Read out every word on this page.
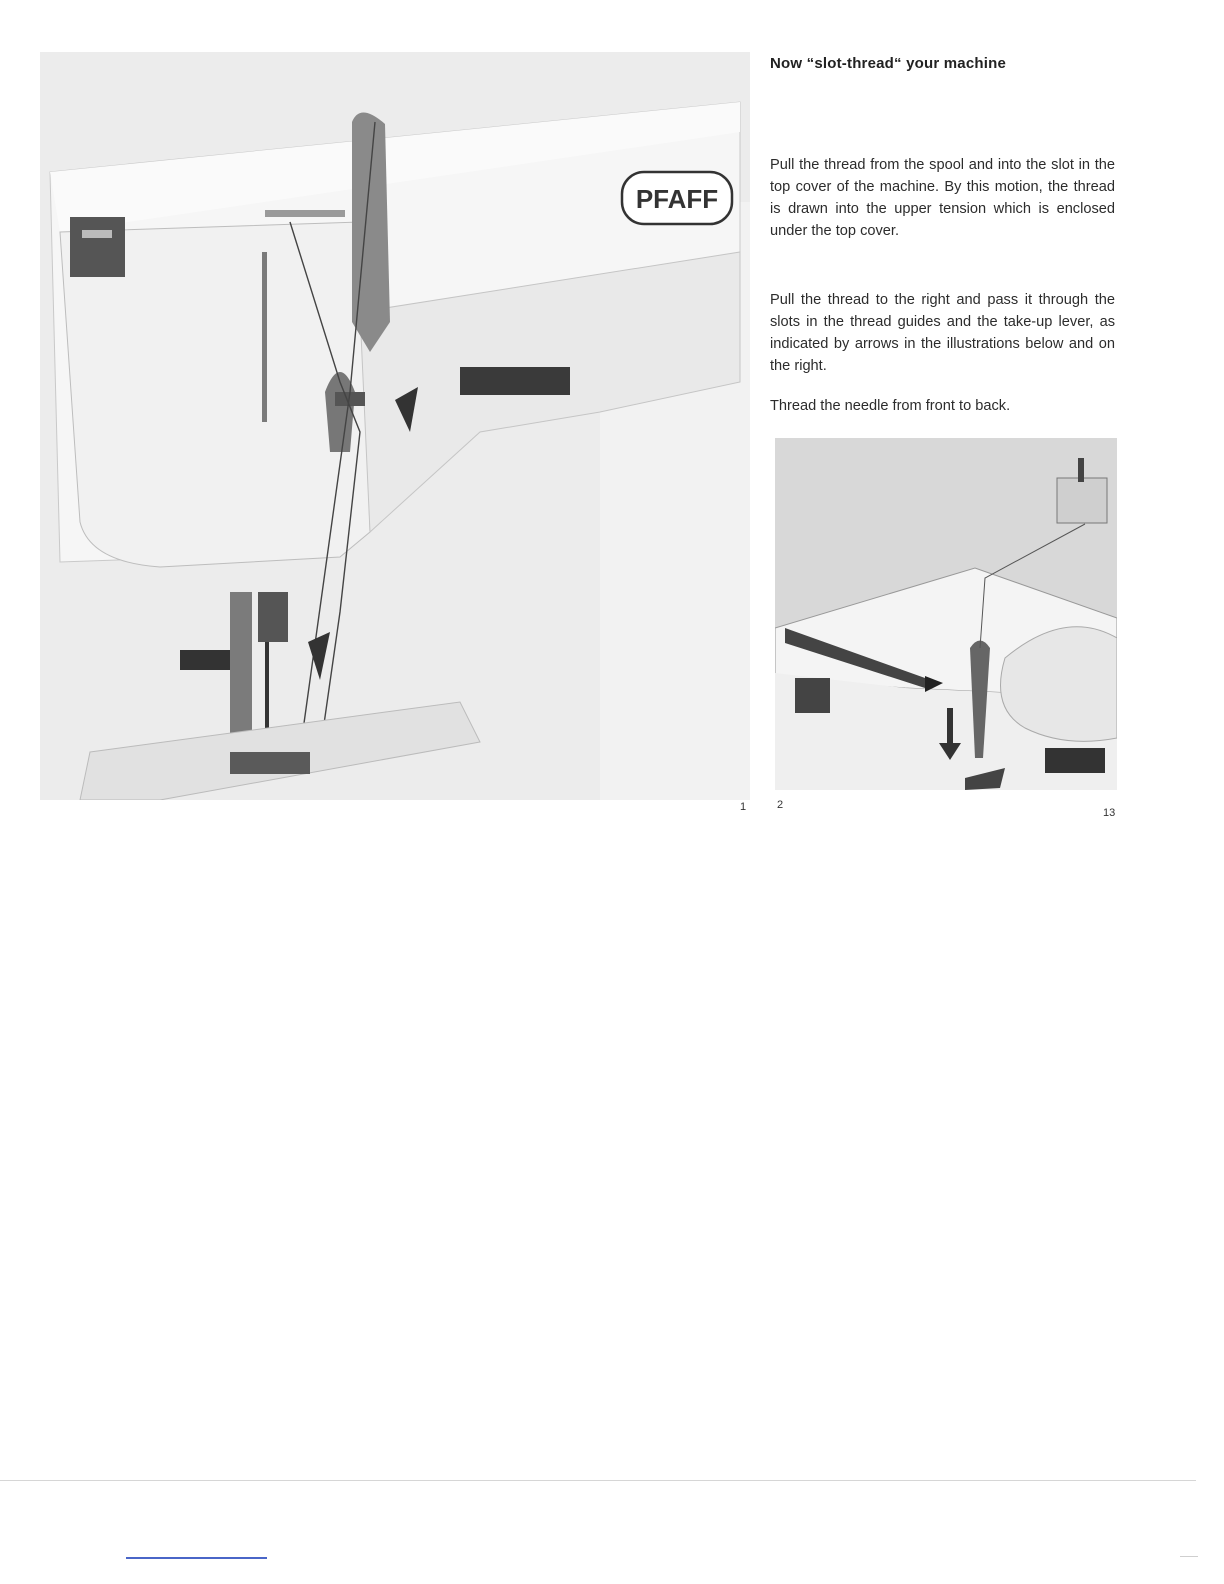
PFAFF
Now “slot-thread“ your machine

Pull the thread from the spool and into the slot in the top cover of the machine. By this motion, the thread is drawn into the upper tension which is enclosed under the top cover.

Pull the thread to the right and pass it through the slots in the thread guides and the take-up lever, as indicated by arrows in the illustrations below and on the right.

Thread the needle from front to back.

1	2
13
